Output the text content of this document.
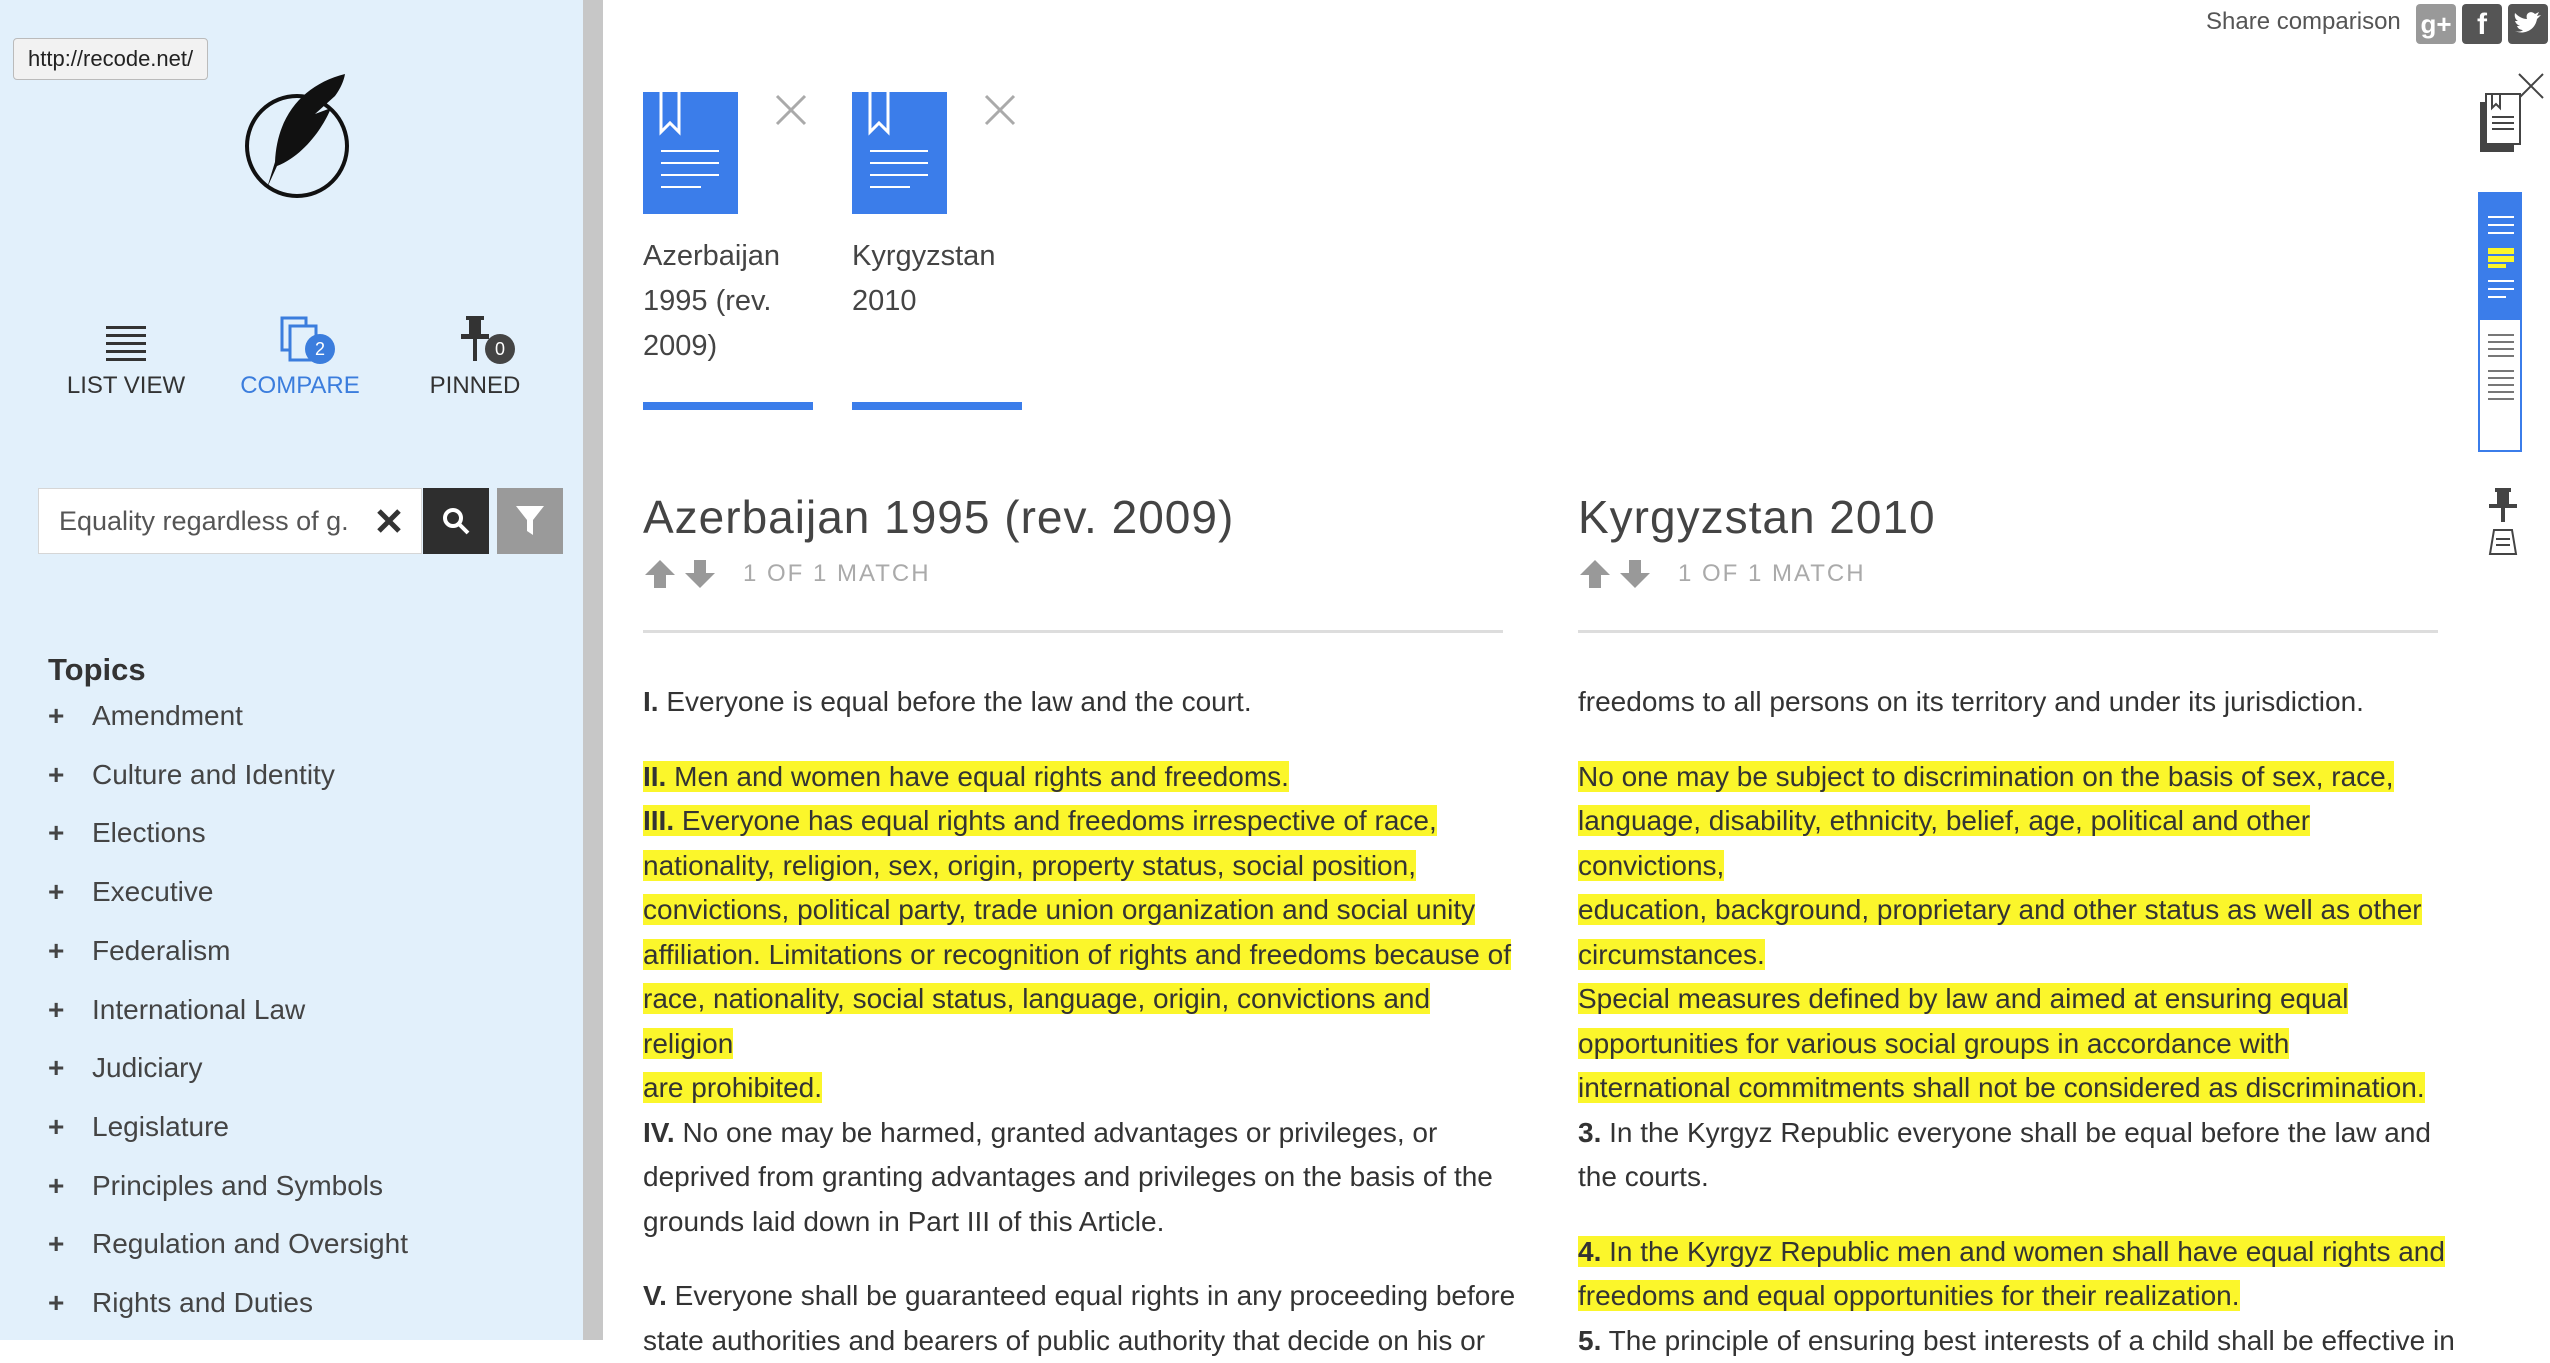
http://recode.net/
LIST VIEW
2
COMPARE
0
PINNED
Equality regardless of g...
Topics
+ Amendment
+ Culture and Identity
+ Elections
+ Executive
+ Federalism
+ International Law
+ Judiciary
+ Legislature
+ Principles and Symbols
+ Regulation and Oversight
+ Rights and Duties
Share comparison g+ f
Azerbaijan
1995 (rev.
2009)
Kyrgyzstan
2010
Azerbaijan 1995 (rev. 2009)
1 OF 1 MATCH
Kyrgyzstan 2010
1 OF 1 MATCH

I. Everyone is equal before the law and the court.

II. Men and women have equal rights and freedoms.
III. Everyone has equal rights and freedoms irrespective of race,
nationality, religion, sex, origin, property status, social position,
convictions, political party, trade union organization and social unity
affiliation. Limitations or recognition of rights and freedoms because of
race, nationality, social status, language, origin, convictions and religion
are prohibited.

IV. No one may be harmed, granted advantages or privileges, or
deprived from granting advantages and privileges on the basis of the
grounds laid down in Part III of this Article.

V. Everyone shall be guaranteed equal rights in any proceeding before
state authorities and bearers of public authority that decide on his or

freedoms to all persons on its territory and under its jurisdiction.

No one may be subject to discrimination on the basis of sex, race,
language, disability, ethnicity, belief, age, political and other convictions,
education, background, proprietary and other status as well as other
circumstances.
Special measures defined by law and aimed at ensuring equal
opportunities for various social groups in accordance with
international commitments shall not be considered as discrimination.

3. In the Kyrgyz Republic everyone shall be equal before the law and
the courts.

4. In the Kyrgyz Republic men and women shall have equal rights and
freedoms and equal opportunities for their realization.
5. The principle of ensuring best interests of a child shall be effective in
